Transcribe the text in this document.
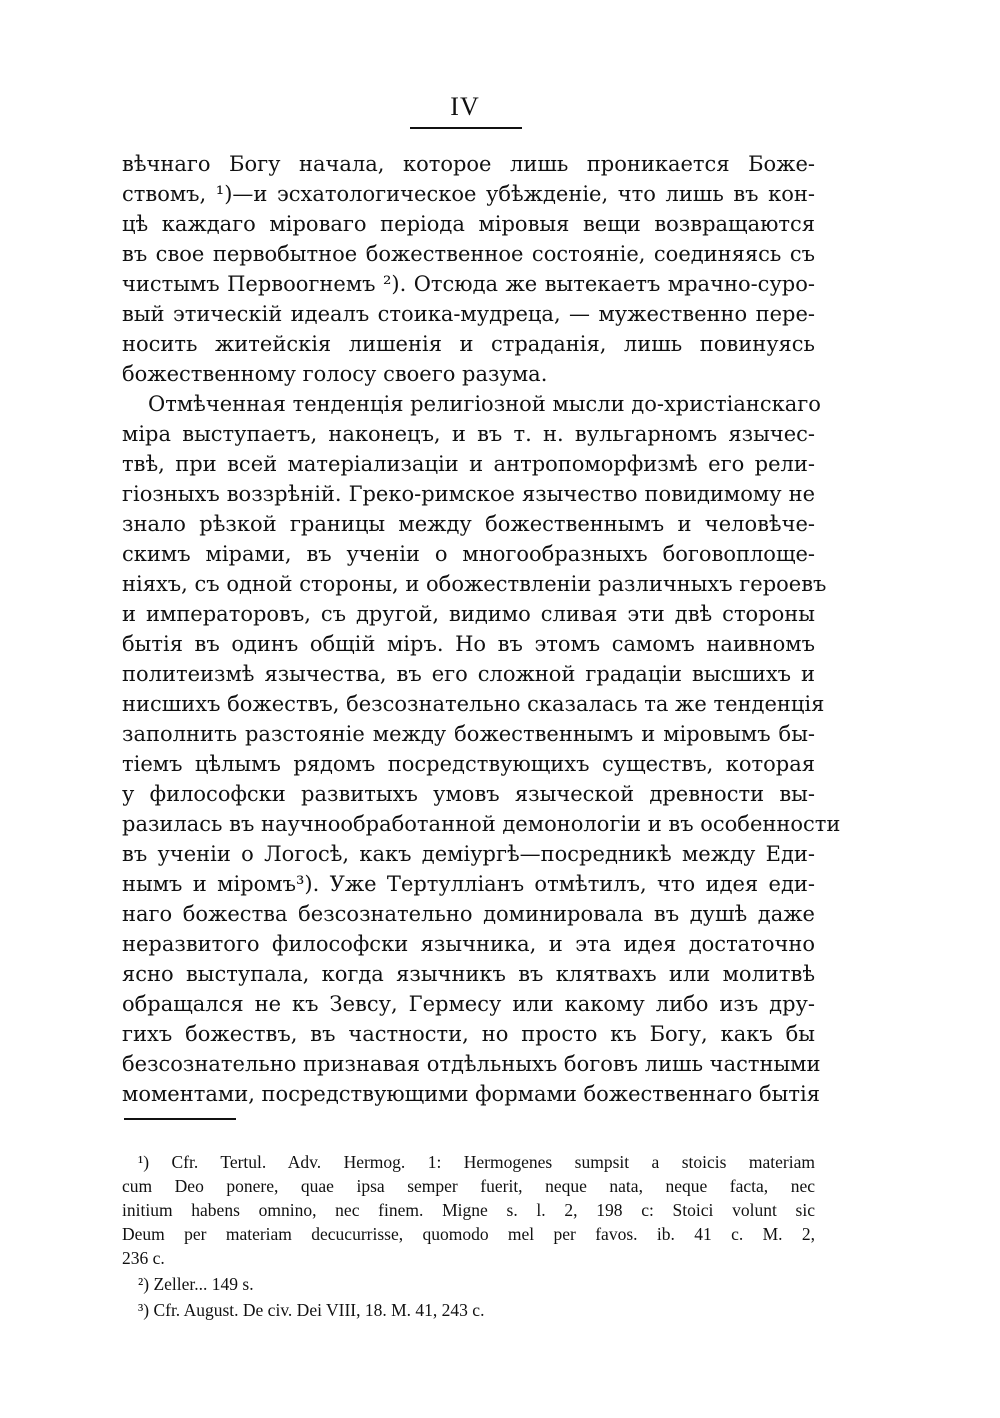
IV
вѣчнаго Богу начала, которое лишь проникается Боже-
ствомъ, ¹)—и эсхатологическое убѣжденіе, что лишь въ кон-
цѣ каждаго міроваго періода міровыя вещи возвращаются
въ свое первобытное божественное состояніе, соединяясь съ
чистымъ Первоогнемъ ²). Отсюда же вытекаетъ мрачно-суро-
вый этическій идеалъ стоика-мудреца, — мужественно пере-
носить житейскія лишенія и страданія, лишь повинуясь
божественному голосу своего разума.
Отмѣченная тенденція религіозной мысли до-христіанскаго
міра выступаетъ, наконецъ, и въ т. н. вульгарномъ язычес-
твѣ, при всей матеріализаціи и антропоморфизмѣ его рели-
гіозныхъ воззрѣній. Греко-римское язычество повидимому не
знало рѣзкой границы между божественнымъ и человѣче-
скимъ мірами, въ ученіи о многообразныхъ боговоплоще-
ніяхъ, съ одной стороны, и обожествленіи различныхъ героевъ
и императоровъ, съ другой, видимо сливая эти двѣ стороны
бытія въ одинъ общій міръ. Но въ этомъ самомъ наивномъ
политеизмѣ язычества, въ его сложной градаціи высшихъ и
нисшихъ божествъ, безсознательно сказалась та же тенденція
заполнить разстояніе между божественнымъ и міровымъ бы-
тіемъ цѣлымъ рядомъ посредствующихъ существъ, которая
у философски развитыхъ умовъ языческой древности вы-
разилась въ научнообработанной демонологіи и въ особенности
въ ученіи о Логосѣ, какъ деміургѣ—посредникѣ между Еди-
нымъ и міромъ³). Уже Тертулліанъ отмѣтилъ, что идея еди-
наго божества безсознательно доминировала въ душѣ даже
неразвитого философски язычника, и эта идея достаточно
ясно выступала, когда язычникъ въ клятвахъ или молитвѣ
обращался не къ Зевсу, Гермесу или какому либо изъ дру-
гихъ божествъ, въ частности, но просто къ Богу, какъ бы
безсознательно признавая отдѣльныхъ боговъ лишь частными
моментами, посредствующими формами божественнаго бытія
¹) Cfr. Tertul. Adv. Hermog. 1: Hermogenes sumpsit a stoicis materiam
cum Deo ponere, quae ipsa semper fuerit, neque nata, neque facta, nec
initium habens omnino, nec finem. Migne s. l. 2, 198 c: Stoici volunt sic
Deum per materiam decucurrisse, quomodo mel per favos. ib. 41 c. M. 2,
236 c.
²) Zeller... 149 s.
³) Cfr. August. De civ. Dei VIII, 18. M. 41, 243 c.
